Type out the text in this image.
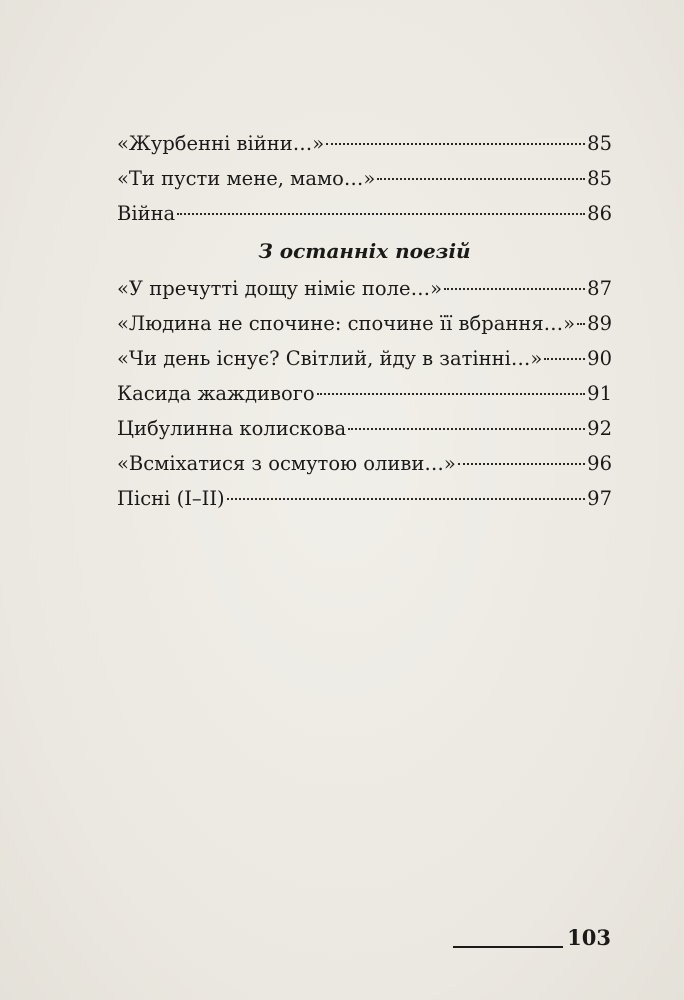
«Журбенні війни…»	85
«Ти пусти мене, мамо…»	85
Війна	86
З останніх поезій
«У пречутті дощу німіє поле…»	87
«Людина не спочине: спочине її вбрання…» 89
«Чи день існує? Світлий, йду в затінні…» 90
Касида жаждивого	91
Цибулинна колискова	92
«Всміхатися з осмутою оливи…»	96
Пісні (I–II)	97
103
